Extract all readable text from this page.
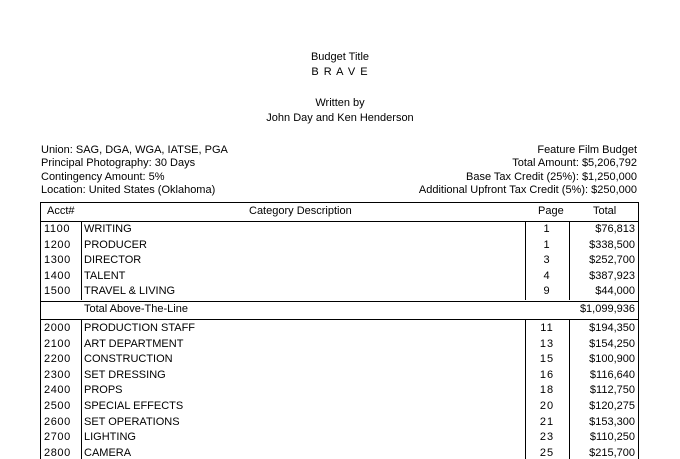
Budget Title
B R A V E
Written by
John Day and Ken Henderson
Union: SAG, DGA, WGA, IATSE, PGA
Principal Photography: 30 Days
Contingency Amount: 5%
Location: United States (Oklahoma)
Feature Film Budget
Total Amount: $5,206,792
Base Tax Credit (25%): $1,250,000
Additional Upfront Tax Credit (5%): $250,000
Acct#	Category Description	Page	Total
1100 WRITING	1	$76,813
1200 PRODUCER	1	$338,500
1300 DIRECTOR	3	$252,700
1400 TALENT	4	$387,923
1500 TRAVEL & LIVING	9	$44,000
Total Above-The-Line	$1,099,936
2000 PRODUCTION STAFF	11	$194,350
2100 ART DEPARTMENT	13	$154,250
2200 CONSTRUCTION	15	$100,900
2300 SET DRESSING	16	$116,640
2400 PROPS	18	$112,750
2500 SPECIAL EFFECTS	20	$120,275
2600 SET OPERATIONS	21	$153,300
2700 LIGHTING	23	$110,250
2800 CAMERA	25	$215,700
